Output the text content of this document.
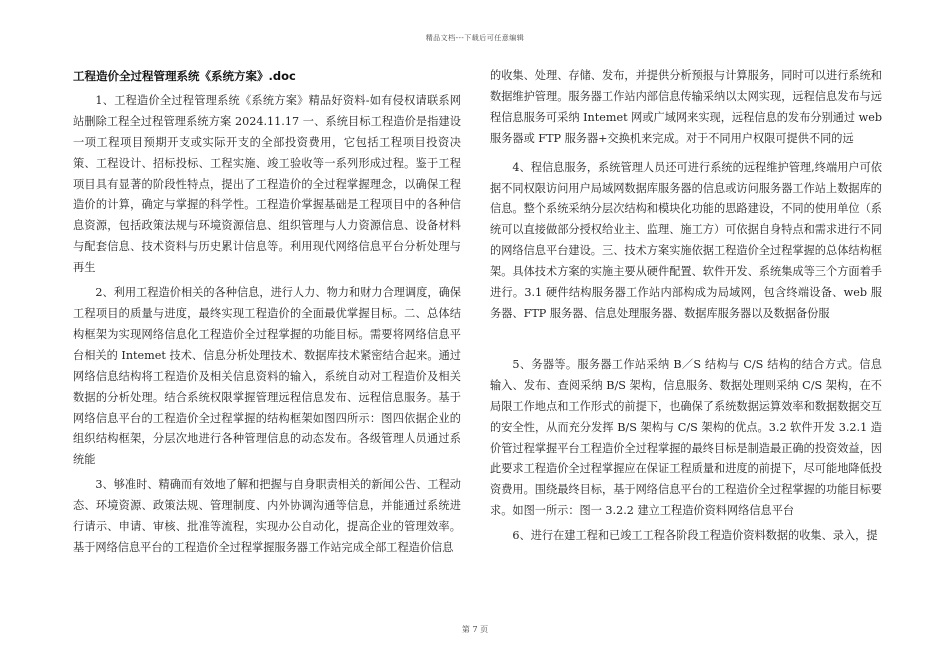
精品文档---下载后可任意编辑
工程造价全过程管理系统《系统方案》.doc

1、工程造价全过程管理系统《系统方案》精品好资料-如有侵权请联系网站删除工程全过程管理系统方案 2024.11.17 一、系统目标工程造价是指建设一项工程项目预期开支或实际开支的全部投资费用，它包括工程项目投资决策、工程设计、招标投标、工程实施、竣工验收等一系列形成过程。鉴于工程项目具有显著的阶段性特点，提出了工程造价的全过程掌握理念，以确保工程造价的计算，确定与掌握的科学性。工程造价掌握基础是工程项目中的各种信息资源，包括政策法规与环境资源信息、组织管理与人力资源信息、设备材料与配套信息、技术资料与历史累计信息等。利用现代网络信息平台分析处理与再生

2、利用工程造价相关的各种信息，进行人力、物力和财力合理调度，确保工程项目的质量与进度，最终实现工程造价的全面最优掌握目标。二、总体结构框架为实现网络信息化工程造价全过程掌握的功能目标。需要将网络信息平台相关的 Intemet 技术、信息分析处理技术、数据库技术紧密结合起来。通过网络信息结构将工程造价及相关信息资料的输入，系统自动对工程造价及相关数据的分析处理。结合系统权限掌握管理远程信息发布、远程信息服务。基于网络信息平台的工程造价全过程掌握的结构框架如图四所示：图四依据企业的组织结构框架，分层次地进行各种管理信息的动态发布。各级管理人员通过系统能

3、够准时、精确而有效地了解和把握与自身职责相关的新闻公告、工程动态、环境资源、政策法规、管理制度、内外协调沟通等信息，并能通过系统进行请示、申请、审核、批准等流程，实现办公自动化，提高企业的管理效率。基于网络信息平台的工程造价全过程掌握服务器工作站完成全部工程造价信息

的收集、处理、存储、发布，并提供分析预报与计算服务，同时可以进行系统和数据维护管理。服务器工作站内部信息传输采纳以太网实现，远程信息发布与远程信息服务可采纳 Intemet 网或广域网来实现，远程信息的发布分别通过 web 服务器或 FTP 服务器+交换机来完成。对于不同用户权限可提供不同的远

4、程信息服务，系统管理人员还可进行系统的远程维护管理,终端用户可依据不同权限访问用户局域网数据库服务器的信息或访问服务器工作站上数据库的信息。整个系统采纳分层次结构和模块化功能的思路建设，不同的使用单位（系统可以直接做部分授权给业主、监理、施工方）可依据自身特点和需求进行不同的网络信息平台建设。三、技术方案实施依据工程造价全过程掌握的总体结构框架。具体技术方案的实施主要从硬件配置、软件开发、系统集成等三个方面着手进行。3.1 硬件结构服务器工作站内部构成为局域网，包含终端设备、web 服务器、FTP 服务器、信息处理服务器、数据库服务器以及数据备份服

5、务器等。服务器工作站采纳 B／S 结构与 C/S 结构的结合方式。信息输入、发布、查阅采纳 B/S 架构，信息服务、数据处理则采纳 C/S 架构，在不局限工作地点和工作形式的前提下，也确保了系统数据运算效率和数据数据交互的安全性，从而充分发挥 B/S 架构与 C/S 架构的优点。3.2 软件开发 3.2.1 造价管过程掌握平台工程造价全过程掌握的最终目标是制造最正确的投资效益，因此要求工程造价全过程掌握应在保证工程质量和进度的前提下，尽可能地降低投资费用。围绕最终目标，基于网络信息平台的工程造价全过程掌握的功能目标要求。如图一所示：图一 3.2.2 建立工程造价资料网络信息平台

6、进行在建工程和已竣工工程各阶段工程造价资料数据的收集、录入，提

第 7 页
